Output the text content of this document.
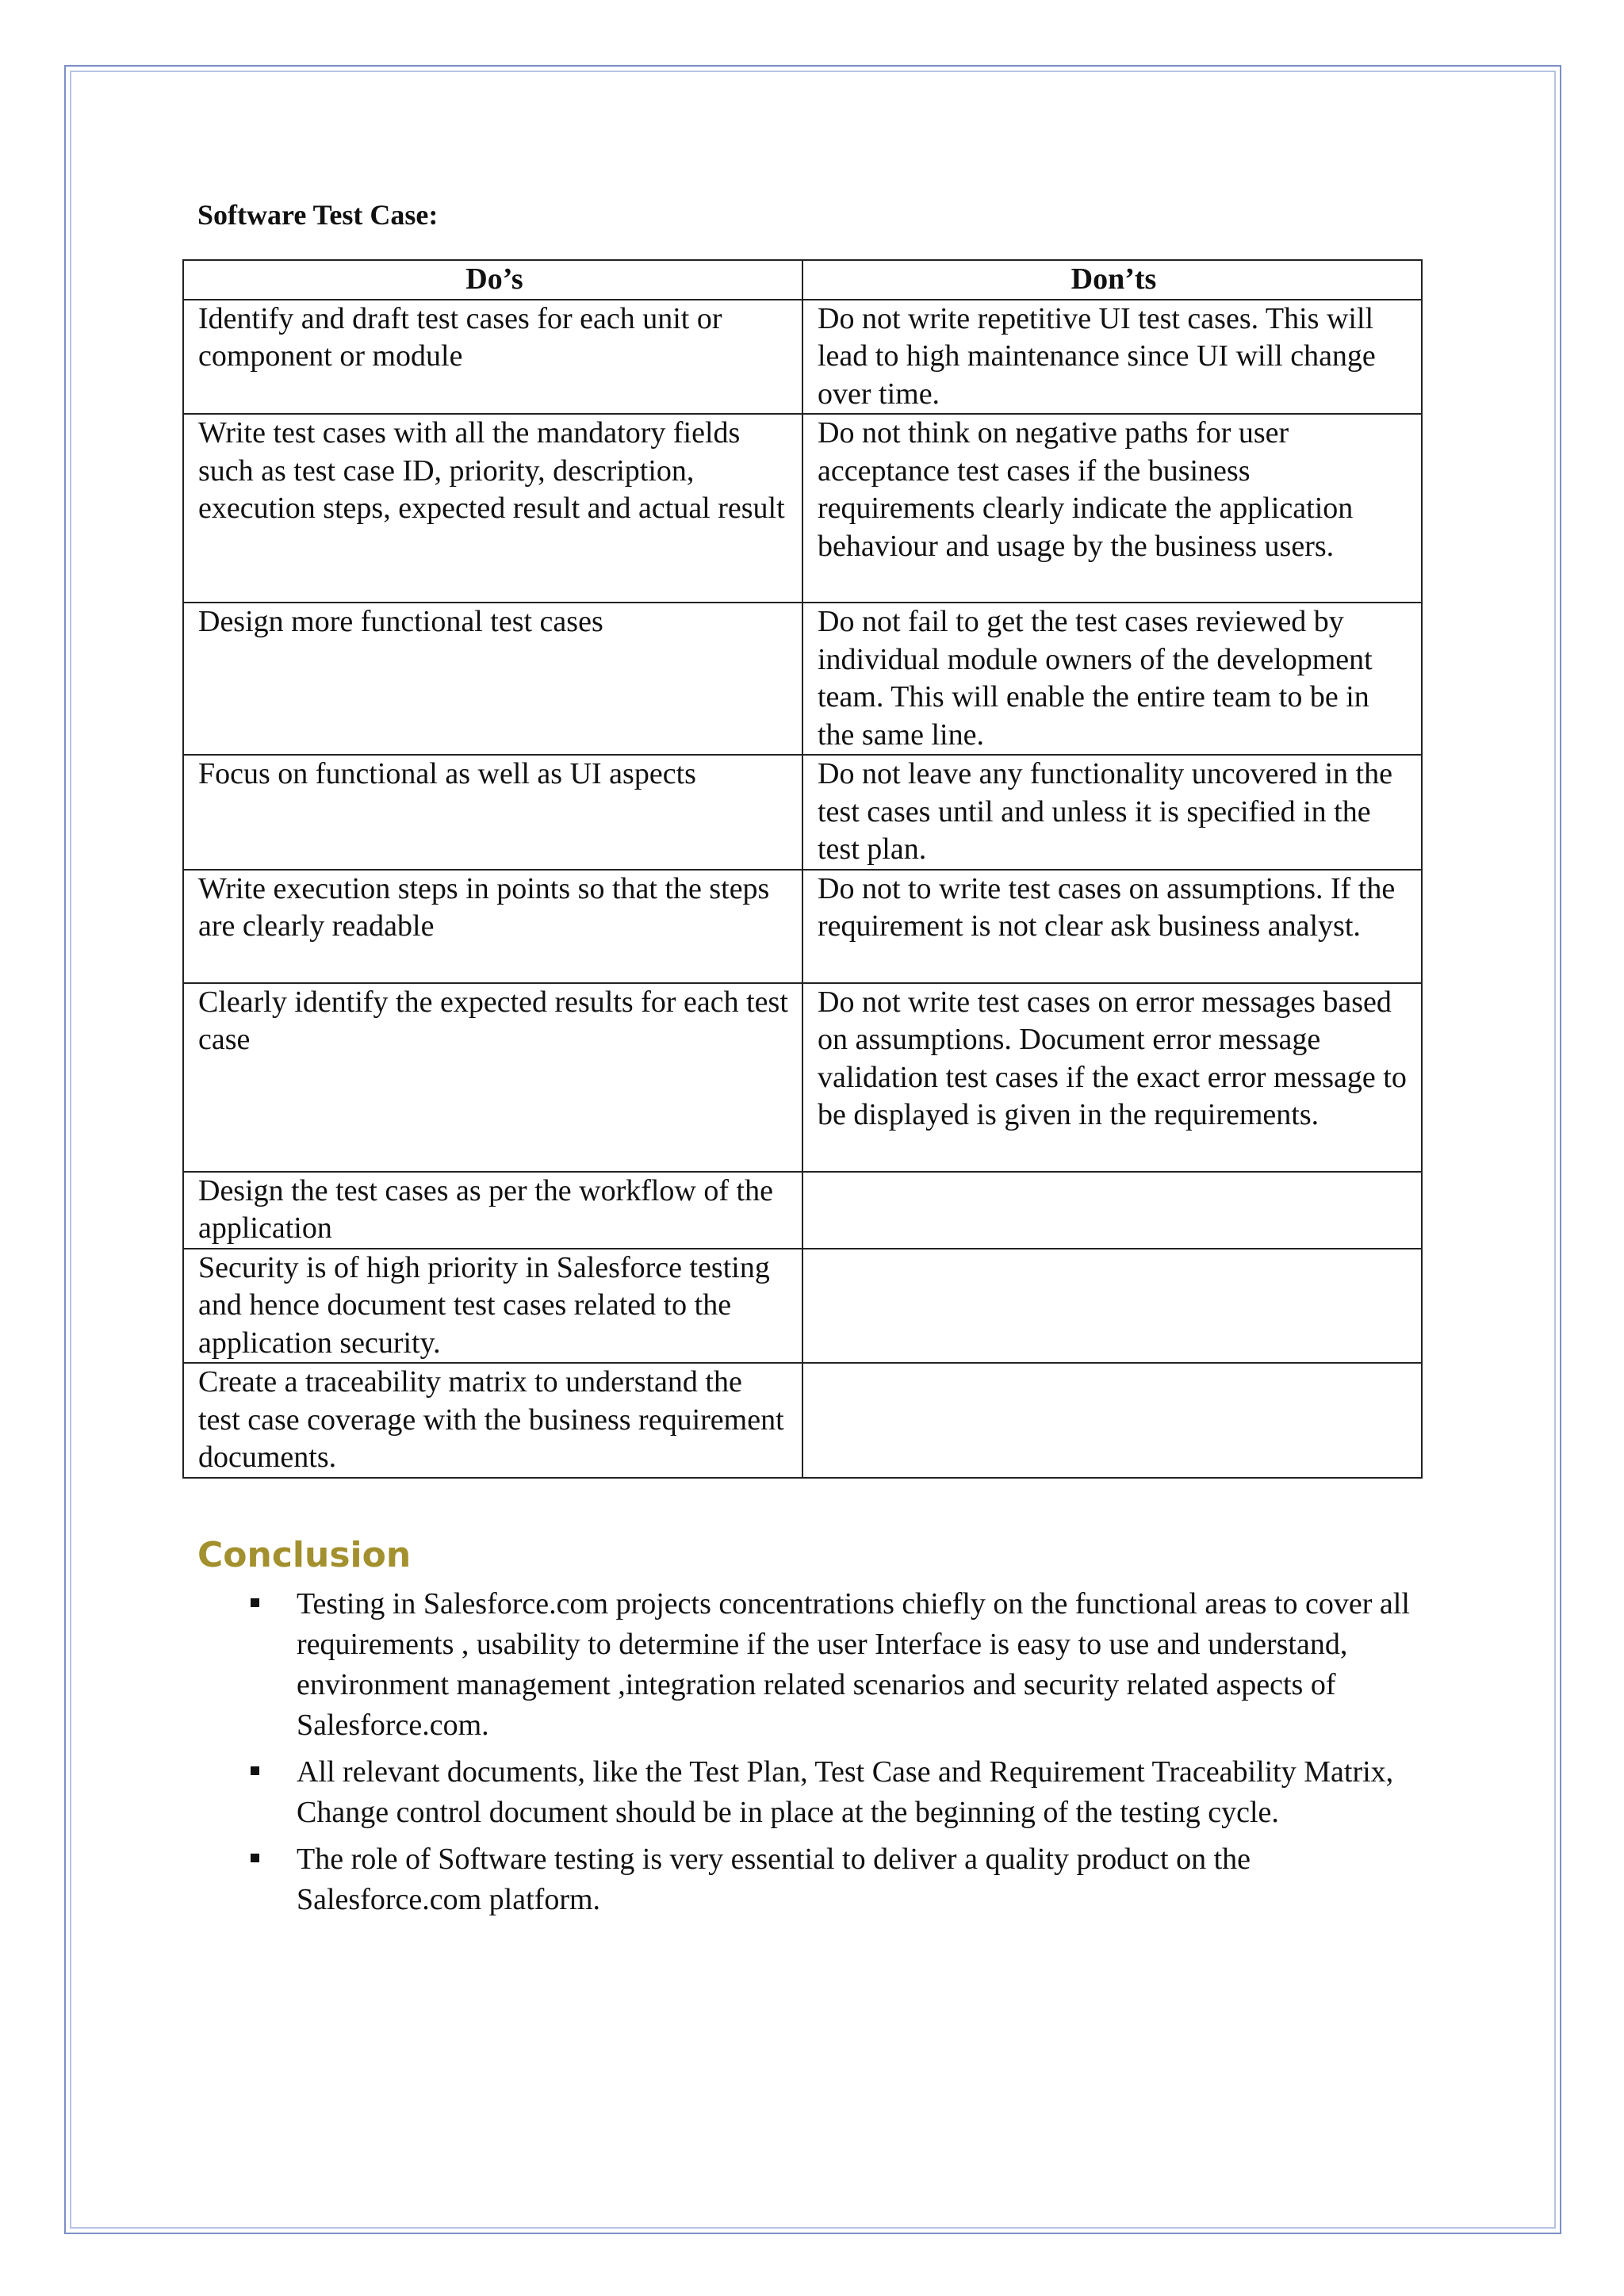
Software Test Case:
Do’s	Don’ts
Identify and draft test cases for each unit or component or module	Do not write repetitive UI test cases. This will lead to high maintenance since UI will change over time.
Write test cases with all the mandatory fields such as test case ID, priority, description, execution steps, expected result and actual result	Do not think on negative paths for user acceptance test cases if the business requirements clearly indicate the application behaviour and usage by the business users.
Design more functional test cases	Do not fail to get the test cases reviewed by individual module owners of the development team. This will enable the entire team to be in the same line.
Focus on functional as well as UI aspects	Do not leave any functionality uncovered in the test cases until and unless it is specified in the test plan.
Write execution steps in points so that the steps are clearly readable	Do not to write test cases on assumptions. If the requirement is not clear ask business analyst.
Clearly identify the expected results for each test case	Do not write test cases on error messages based on assumptions. Document error message validation test cases if the exact error message to be displayed is given in the requirements.
Design the test cases as per the workflow of the application	
Security is of high priority in Salesforce testing and hence document test cases related to the application security.	
Create a traceability matrix to understand the test case coverage with the business requirement documents.	
Conclusion
Testing in Salesforce.com projects concentrations chiefly on the functional areas to cover all requirements , usability to determine if the user Interface is easy to use and understand, environment management ,integration related scenarios and security related aspects of Salesforce.com.
All relevant documents, like the Test Plan, Test Case and Requirement Traceability Matrix, Change control document should be in place at the beginning of the testing cycle.
The role of Software testing is very essential to deliver a quality product on the Salesforce.com platform.
